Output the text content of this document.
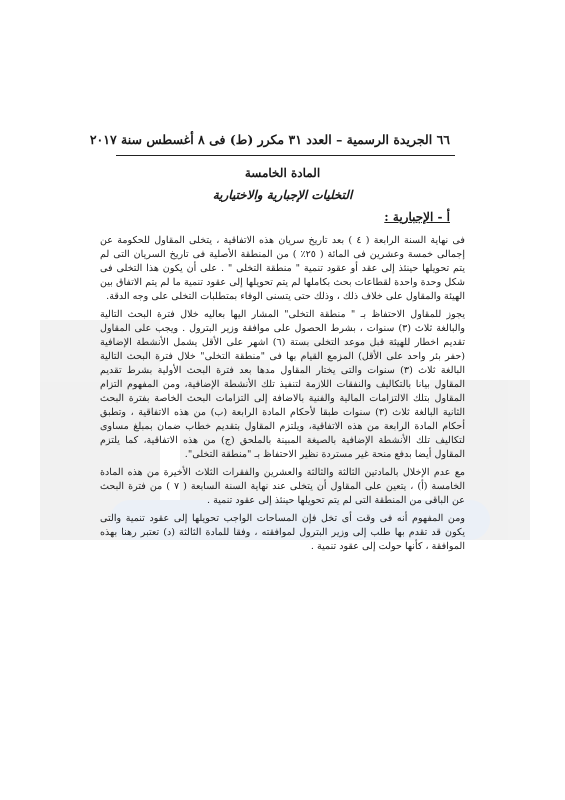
٦٦ الجريدة الرسمية – العدد ٣١ مكرر (ط) فى ٨ أغسطس سنة ٢٠١٧
المادة الخامسة
التخليات الإجبارية والاختيارية
أ - الإجبارية :

فى نهاية السنة الرابعة ( ٤ ) بعد تاريخ سريان هذه الاتفاقية ، يتخلى المقاول للحكومة عن إجمالى خمسة وعشرين فى المائة ( ٢٥٪ ) من المنطقة الأصلية فى تاريخ السريان التى لم يتم تحويلها حينئذ إلى عقد أو عقود تنمية " منطقة التخلى " . على أن يكون هذا التخلى فى شكل وحدة واحدة لقطاعات بحث بكاملها لم يتم تحويلها إلى عقود تنمية ما لم يتم الاتفاق بين الهيئة والمقاول على خلاف ذلك ، وذلك حتى يتسنى الوفاء بمتطلبات التخلى على وجه الدقة.

يجوز للمقاول الاحتفاظ بـ " منطقة التخلى" المشار اليها بعاليه خلال فترة البحث التالية والبالغة ثلاث (٣) سنوات ، بشرط الحصول على موافقة وزير البترول . ويجب على المقاول تقديم اخطار للهيئة قبل موعد التخلى بستة (٦) اشهر على الأقل يشمل الأنشطة الإضافية (حفر بئر واحد على الأقل) المزمع القيام بها فى "منطقة التخلى" خلال فترة البحث التالية البالغة ثلاث (٣) سنوات والتى يختار المقاول مدها بعد فترة البحث الأولية بشرط تقديم المقاول بيانا بالتكاليف والنفقات اللازمة لتنفيذ تلك الأنشطة الإضافية، ومن المفهوم التزام المقاول بتلك الالتزامات المالية والفنية بالاضافة إلى التزامات البحث الخاصة بفترة البحث الثانية البالغة ثلاث (٣) سنوات طبقا لأحكام المادة الرابعة (ب) من هذه الاتفاقية ، وتطبق أحكام المادة الرابعة من هذه الاتفاقية، ويلتزم المقاول بتقديم خطاب ضمان بمبلغ مساوى لتكاليف تلك الأنشطة الإضافية بالصيغة المبينة بالملحق (ج) من هذه الاتفاقية، كما يلتزم المقاول أيضا بدفع منحة غير مستردة نظير الاحتفاظ بـ "منطقة التخلى".

مع عدم الإخلال بالمادتين الثالثة والثالثة والعشرين والفقرات الثلاث الأخيرة من هذه المادة الخامسة (أ) ، يتعين على المقاول أن يتخلى عند نهاية السنة السابعة ( ٧ ) من فترة البحث عن الباقى من المنطقة التى لم يتم تحويلها حينئذ إلى عقود تنمية .

ومن المفهوم أنه فى وقت أى تخل فإن المساحات الواجب تحويلها إلى عقود تنمية والتى يكون قد تقدم بها طلب إلى وزير البترول لموافقته ، وفقا للمادة الثالثة (د) تعتبر رهنا بهذه الموافقة ، كأنها حولت إلى عقود تنمية .
